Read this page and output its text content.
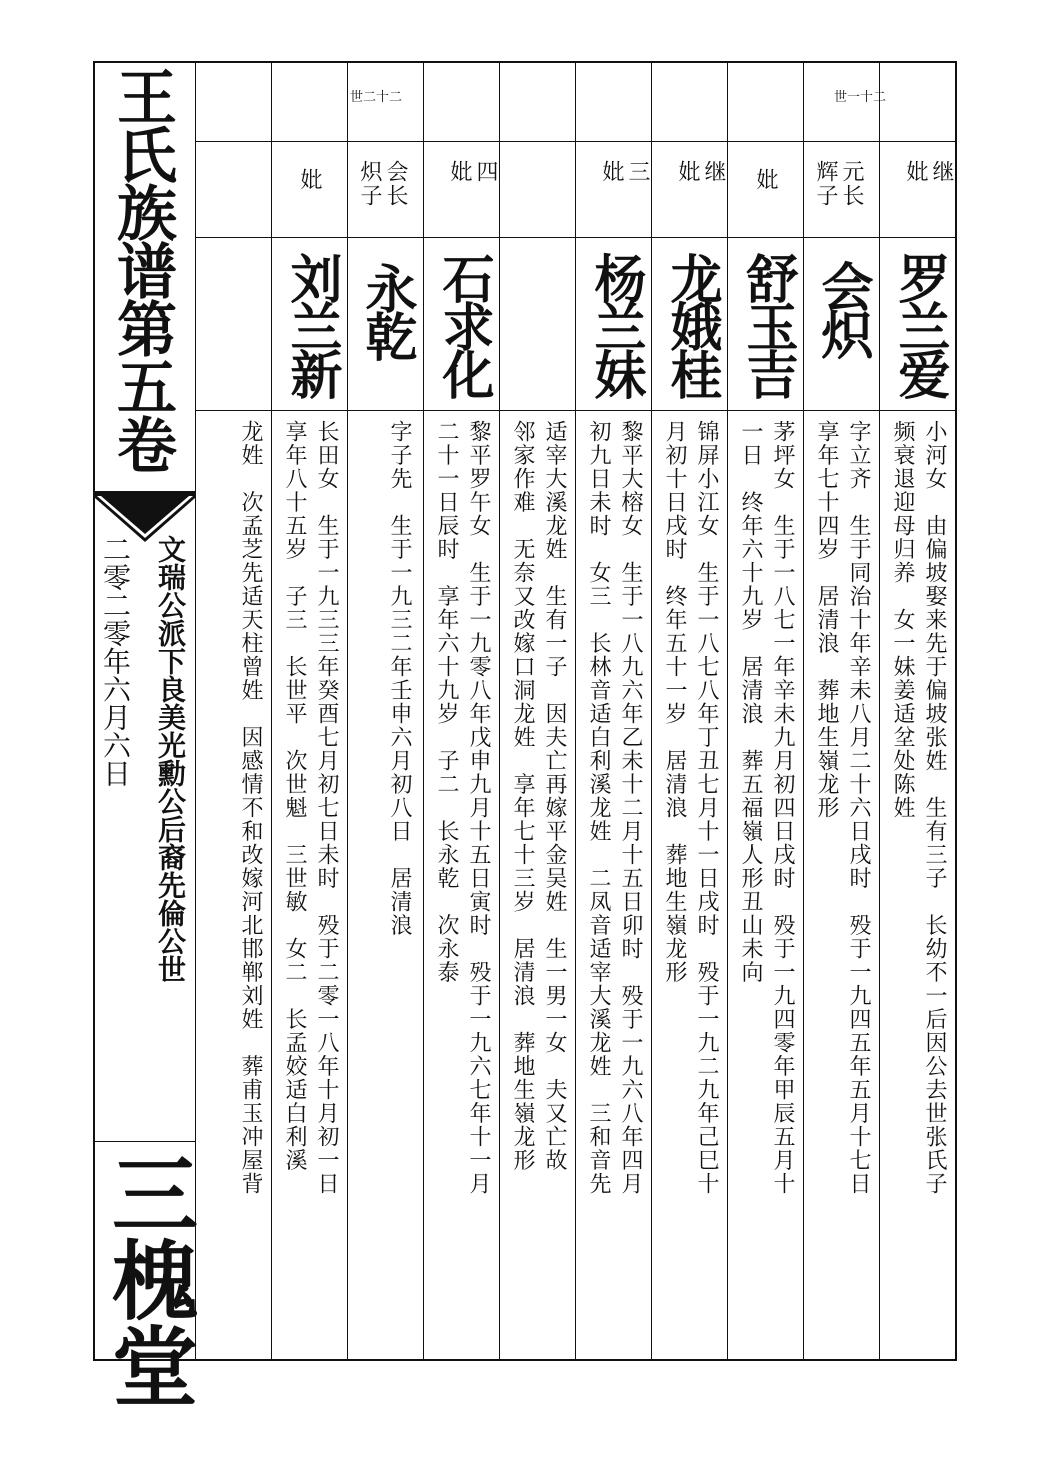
王氏族谱第五卷
文瑞公派下良美光勳公后裔先倫公世
二零二零年六月六日
三槐堂
继
妣
罗兰爱
小河女　由偏坡娶来先于偏坡张姓　生有三子　长幼不一后因公去世张氏子
频衰退迎母归养　女一妹姜适坌处陈姓
世一十二
元长
辉子
会炽
字立齐　生于同治十年辛未八月二十六日戌时　殁于一九四五年五月十七日
享年七十四岁　居清浪　葬地生嶺龙形
妣
舒玉吉
茅坪女　生于一八七一年辛未九月初四日戌时　殁于一九四零年甲辰五月十
一日　终年六十九岁　居清浪　葬五福嶺人形丑山未向
继
妣
龙娥桂
锦屏小江女　生于一八七八年丁丑七月十一日戌时　殁于一九二九年己巳十
月初十日戌时　终年五十一岁　居清浪　葬地生嶺龙形
三
妣
杨兰妹
黎平大榕女　生于一八九六年乙未十二月十五日卯时　殁于一九六八年四月
初九日未时　女三　长林音适白利溪龙姓　二凤音适宰大溪龙姓　三和音先
适宰大溪龙姓　生有一子　因夫亡再嫁平金吴姓　生一男一女　夫又亡故
邻家作难　无奈又改嫁口洞龙姓　享年七十三岁　居清浪　葬地生嶺龙形
四
妣
石求化
黎平罗午女　生于一九零八年戊申九月十五日寅时　殁于一九六七年十一月
二十一日辰时　享年六十九岁　子二　长永乾　次永泰
世二十二
会长
炽子
永乾
字子先　生于一九三二年壬申六月初八日　居清浪
妣
刘兰新
长田女　生于一九三三年癸酉七月初七日未时　殁于二零一八年十月初一日
享年八十五岁　子三　长世平　次世魁　三世敏　女二　长孟姣适白利溪
龙姓　次孟芝先适天柱曾姓　因感情不和改嫁河北邯郸刘姓　葬甫玉冲屋背
